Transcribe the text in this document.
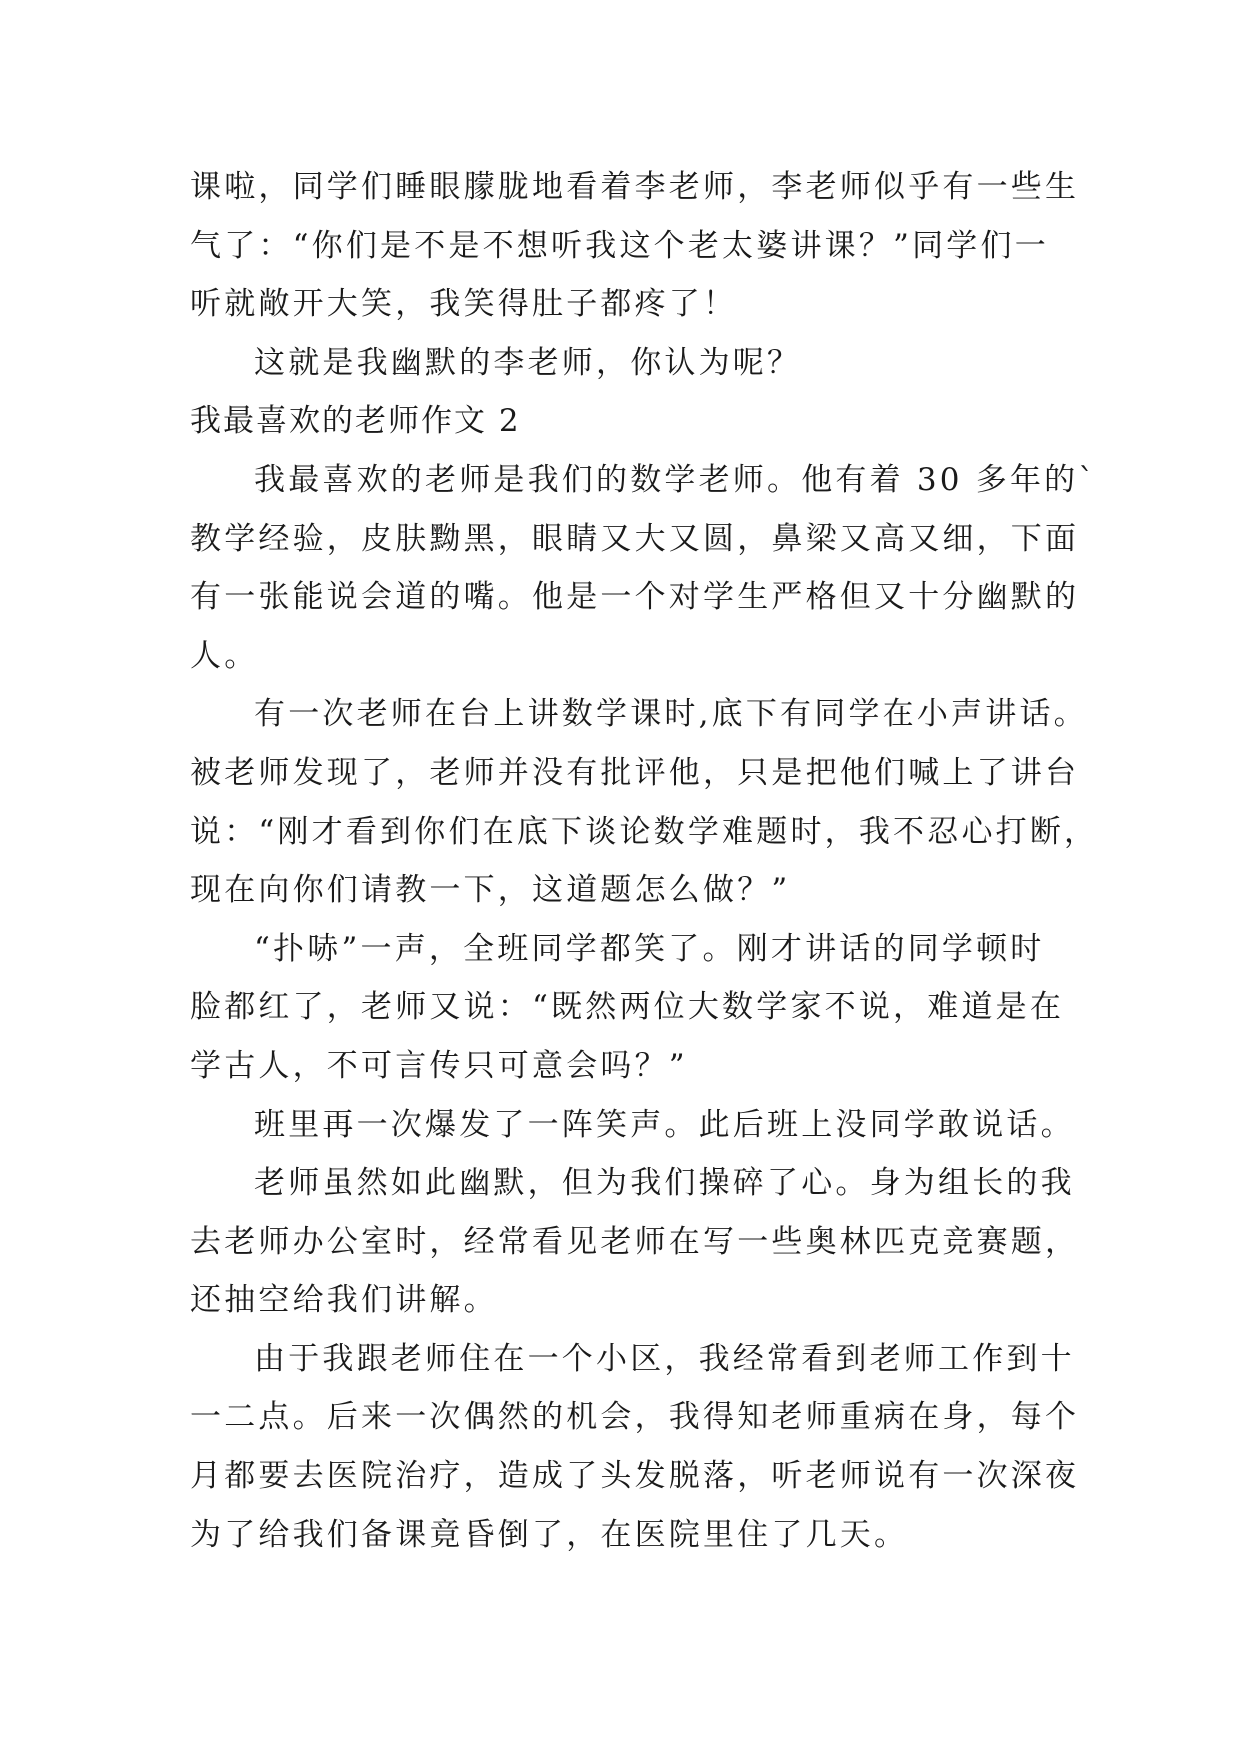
课啦，同学们睡眼朦胧地看着李老师，李老师似乎有一些生
气了：“你们是不是不想听我这个老太婆讲课？”同学们一
听就敞开大笑，我笑得肚子都疼了！
这就是我幽默的李老师，你认为呢？
我最喜欢的老师作文 2
我最喜欢的老师是我们的数学老师。他有着 30 多年的`
教学经验，皮肤黝黑，眼睛又大又圆，鼻梁又高又细，下面
有一张能说会道的嘴。他是一个对学生严格但又十分幽默的
人。
有一次老师在台上讲数学课时,底下有同学在小声讲话。
被老师发现了，老师并没有批评他，只是把他们喊上了讲台
说：“刚才看到你们在底下谈论数学难题时，我不忍心打断，
现在向你们请教一下，这道题怎么做？”
“扑哧”一声，全班同学都笑了。刚才讲话的同学顿时
脸都红了，老师又说：“既然两位大数学家不说，难道是在
学古人，不可言传只可意会吗？”
班里再一次爆发了一阵笑声。此后班上没同学敢说话。
老师虽然如此幽默，但为我们操碎了心。身为组长的我
去老师办公室时，经常看见老师在写一些奥林匹克竞赛题，
还抽空给我们讲解。
由于我跟老师住在一个小区，我经常看到老师工作到十
一二点。后来一次偶然的机会，我得知老师重病在身，每个
月都要去医院治疗，造成了头发脱落，听老师说有一次深夜
为了给我们备课竟昏倒了，在医院里住了几天。
